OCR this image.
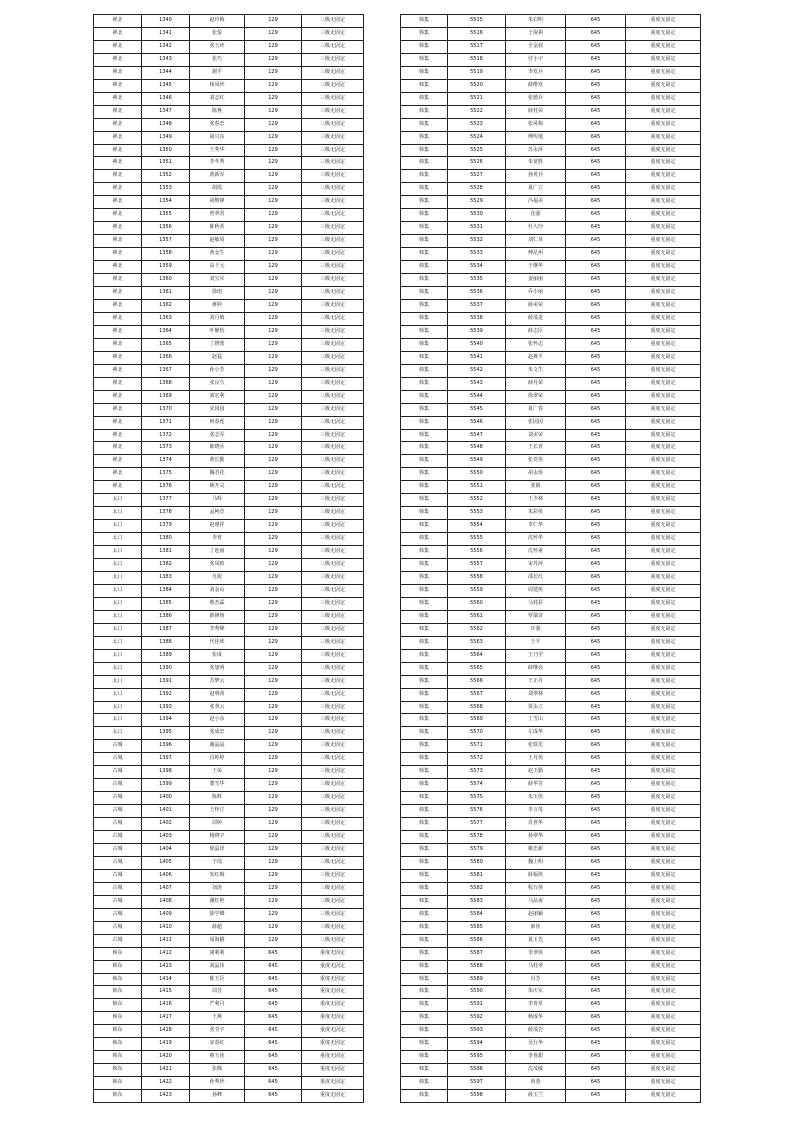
禅北	1340	赵玲梅	129	三级无固定
禅北	1341	张悦	129	三级无固定
禅北	1342	张玉珍	129	三级无固定
禅北	1343	张巧	129	三级无固定
禅北	1344	谢平	129	三级无固定
禅北	1345	杨凤珍	129	三级无固定
禅北	1346	刘志红	129	三级无固定
禅北	1347	陈燕	129	三级无固定
禅北	1348	张春忠	129	三级无固定
禅北	1349	胡兴东	129	三级无固定
禅北	1350	王秀华	129	三级无固定
禅北	1351	李冬秀	129	三级无固定
禅北	1352	黄新军	129	三级无固定
禅北	1353	胡霞	129	三级无固定
禅北	1354	胡继锋	129	三级无固定
禅北	1355	曾翠香	129	三级无固定
禅北	1356	陈秋英	129	三级无固定
禅北	1357	赵敏周	129	三级无固定
禅北	1358	黄金生	129	三级无固定
禅北	1359	高千元	129	三级无固定
禅北	1360	刘宝军	129	三级无固定
禅北	1361	徐雨	129	三级无固定
禅北	1362	蒋婷	129	三级无固定
禅北	1363	刘月梅	129	三级无固定
禅北	1364	叶静怡	129	三级无固定
禅北	1365	丁晓蕾	129	三级无固定
禅北	1366	赵猛	129	三级无固定
禅北	1367	孙小芳	129	三级无固定
禅北	1368	张良久	129	三级无固定
禅北	1369	刘宏利	129	三级无固定
禅北	1370	宋园园	129	三级无固定
禅北	1371	何春莲	129	三级无固定
禅北	1372	张志军	129	三级无固定
禅北	1373	陈晓兵	129	三级无固定
禅北	1374	黄长勤	129	三级无固定
禅北	1375	魏君花	129	三级无固定
禅北	1376	姚开灵	129	三级无固定
太口	1377	马辉	129	三级无固定
太口	1378	孟柯竞	129	三级无固定
太口	1379	赵瑾祥	129	三级无固定
太口	1380	李普	129	三级无固定
太口	1381	丁连丽	129	三级无固定
太口	1382	张凤暄	129	三级无固定
太口	1383	凡妮	129	三级无固定
太口	1384	刘金山	129	三级无固定
太口	1385	蔡杰霖	129	三级无固定
太口	1386	薛锋铸	129	三级无固定
太口	1387	李秀峰	129	三级无固定
太口	1388	代佳欣	129	三级无固定
太口	1389	张成	129	三级无固定
太口	1390	张旭明	129	三级无固定
太口	1391	苏梦云	129	三级无固定
太口	1392	赵明涛	129	三级无固定
太口	1393	张翠云	129	三级无固定
太口	1394	赵小东	129	三级无固定
太口	1395	张成忠	129	三级无固定
古城	1396	谢晶晶	129	三级无固定
古城	1397	肖婷婷	129	三级无固定
古城	1398	王荣	129	三级无固定
古城	1399	董雪华	129	三级无固定
古城	1400	陈辉	129	三级无固定
古城	1401	王梓汀	129	三级无固定
古城	1402	周婷	129	三级无固定
古城	1403	杨晓宇	129	三级无固定
古城	1404	徐晶泽	129	三级无固定
古城	1405	于瑶	129	三级无固定
古城	1406	朱红梅	129	三级无固定
古城	1407	刘涛	129	三级无固定
古城	1408	谢红艳	129	三级无固定
古城	1409	徐学卿	129	三级无固定
古城	1410	薛超	129	三级无固定
古城	1411	周海猫	129	三级无固定
韩东	1412	康利利	645	重度无固定
韩东	1413	刘晶伟	645	重度无固定
韩东	1414	陈玉臣	645	重度无固定
韩东	1415	周芳	645	重度无固定
韩东	1416	严利丹	645	重度无固定
韩东	1417	王燕	645	重度无固定
韩东	1418	张莹宇	645	重度无固定
韩东	1419	宋春红	645	重度无固定
韩东	1420	蔡玉侠	645	重度无固定
韩东	1421	张腾	645	重度无固定
韩东	1422	孙秀珍	645	重度无固定
韩东	1423	孙峰	645	重度无固定
韩集	5515	朱启明	645	重度无固定
韩集	5516	王保祺	645	重度无固定
韩集	5517	全金叔	645	重度无固定
韩集	5518	付小宇	645	重度无固定
韩集	5519	李发兵	645	重度无固定
韩集	5520	薛维发	645	重度无固定
韩集	5521	张德兵	645	重度无固定
韩集	5522	薛桂荣	645	重度无固定
韩集	5523	张凤梅	645	重度无固定
韩集	5524	傅传地	645	重度无固定
韩集	5525	苏永萍	645	重度无固定
韩集	5526	朱宽胜	645	重度无固定
韩集	5527	孙英兵	645	重度无固定
韩集	5528	夏广立	645	重度无固定
韩集	5529	冯福美	645	重度无固定
韩集	5530	沈强	645	重度无固定
韩集	5531	杜大玲	645	重度无固定
韩集	5532	刘仁草	645	重度无固定
韩集	5533	傅昆州	645	重度无固定
韩集	5534	王继华	645	重度无固定
韩集	5535	姜丽丽	645	重度无固定
韩集	5536	乔小丽	645	重度无固定
韩集	5537	薛美荣	645	重度无固定
韩集	5538	薛茂进	645	重度无固定
韩集	5539	薛志臣	645	重度无固定
韩集	5540	张怀志	645	重度无固定
韩集	5541	赵燕平	645	重度无固定
韩集	5542	朱文生	645	重度无固定
韩集	5543	薛丹荣	645	重度无固定
韩集	5544	徐翠荣	645	重度无固定
韩集	5545	夏广春	645	重度无固定
韩集	5546	张园园	645	重度无固定
韩集	5547	刘美荣	645	重度无固定
韩集	5548	王长青	645	重度无固定
韩集	5549	张党侠	645	重度无固定
韩集	5550	胡永侠	645	重度无固定
韩集	5551	张娟	645	重度无固定
韩集	5552	王少林	645	重度无固定
韩集	5553	朱彩侠	645	重度无固定
韩集	5554	李仁华	645	重度无固定
韩集	5555	沈怀华	645	重度无固定
韩集	5556	沈怀甫	645	重度无固定
韩集	5557	宋丹萍	645	重度无固定
韩集	5558	邵长红	645	重度无固定
韩集	5559	周建侠	645	重度无固定
韩集	5560	马桂彩	645	重度无固定
韩集	5561	罗瑞奇	645	重度无固定
韩集	5562	许强	645	重度无固定
韩集	5563	王平	645	重度无固定
韩集	5564	王乃学	645	重度无固定
韩集	5565	薛继亮	645	重度无固定
韩集	5566	王正丹	645	重度无固定
韩集	5567	刘翠林	645	重度无固定
韩集	5568	贾永立	645	重度无固定
韩集	5569	丁雪山	645	重度无固定
韩集	5570	左成华	645	重度无固定
韩集	5571	张铁乐	645	重度无固定
韩集	5572	王丹侠	645	重度无固定
韩集	5573	赵玉勤	645	重度无固定
韩集	5574	薛华芳	645	重度无固定
韩集	5575	朱玉侠	645	重度无固定
韩集	5576	李言茂	645	重度无固定
韩集	5577	肖喜华	645	重度无固定
韩集	5578	孙翠华	645	重度无固定
韩集	5579	姚忠新	645	重度无固定
韩集	5580	魏士明	645	重度无固定
韩集	5581	薛福侠	645	重度无固定
韩集	5582	程万侠	645	重度无固定
韩集	5583	马品甫	645	重度无固定
韩集	5584	赵丽颖	645	重度无固定
韩集	5585	薛侠	645	重度无固定
韩集	5586	夏玉先	645	重度无固定
韩集	5587	李翠侠	645	重度无固定
韩集	5588	马桂翠	645	重度无固定
韩集	5589	冯芳	645	重度无固定
韩集	5590	朱庆军	645	重度无固定
韩集	5591	李喜草	645	重度无固定
韩集	5592	杨成华	645	重度无固定
韩集	5593	薛茂岩	645	重度无固定
韩集	5594	吴行华	645	重度无固定
韩集	5595	李喜甜	645	重度无固定
韩集	5596	沈茂敏	645	重度无固定
韩集	5597	尚巷	645	重度无固定
韩集	5598	薛玉兰	645	重度无固定
